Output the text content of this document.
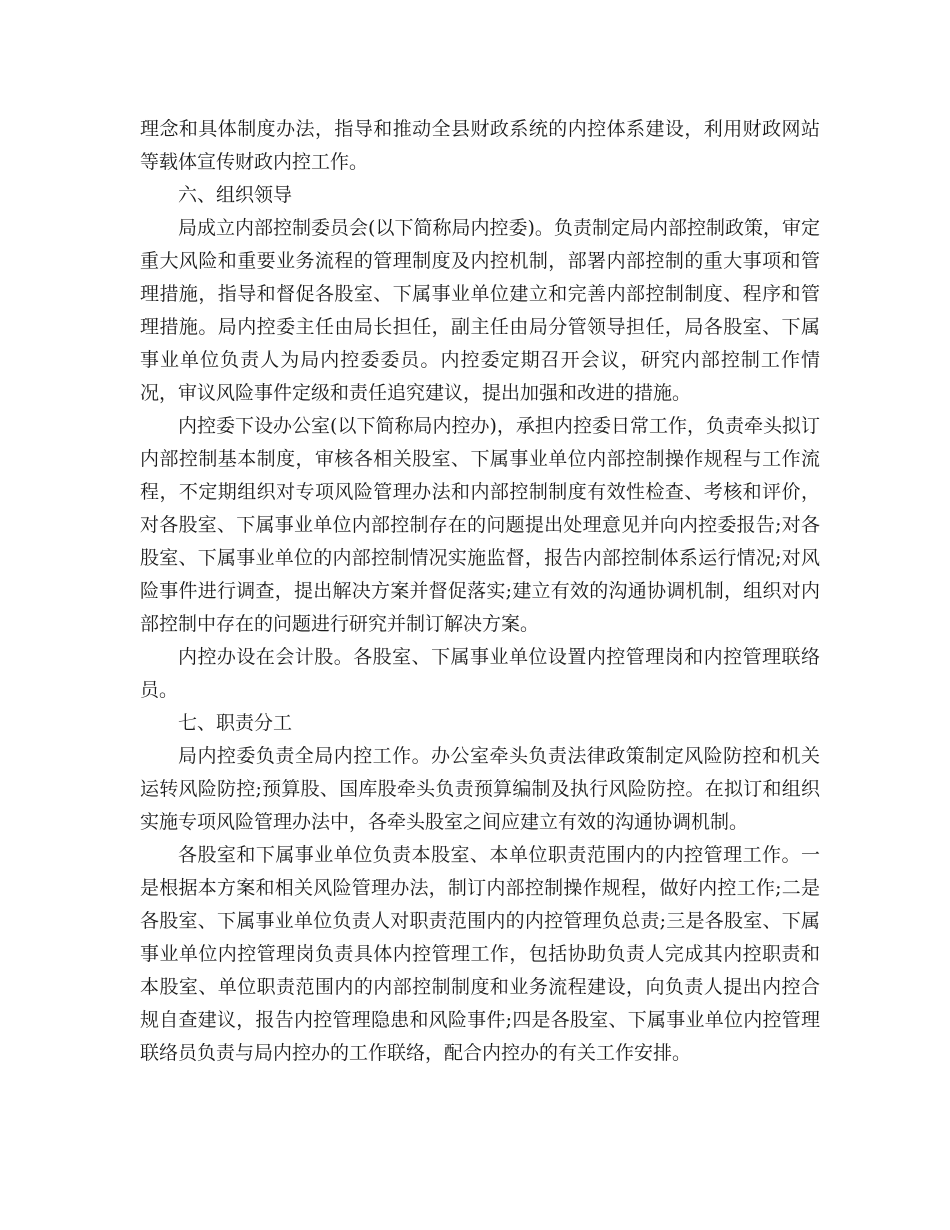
理念和具体制度办法，指导和推动全县财政系统的内控体系建设，利用财政网站等载体宣传财政内控工作。

六、组织领导

局成立内部控制委员会(以下简称局内控委)。负责制定局内部控制政策，审定重大风险和重要业务流程的管理制度及内控机制，部署内部控制的重大事项和管理措施，指导和督促各股室、下属事业单位建立和完善内部控制制度、程序和管理措施。局内控委主任由局长担任，副主任由局分管领导担任，局各股室、下属事业单位负责人为局内控委委员。内控委定期召开会议，研究内部控制工作情况，审议风险事件定级和责任追究建议，提出加强和改进的措施。

内控委下设办公室(以下简称局内控办)，承担内控委日常工作，负责牵头拟订内部控制基本制度，审核各相关股室、下属事业单位内部控制操作规程与工作流程，不定期组织对专项风险管理办法和内部控制制度有效性检查、考核和评价，对各股室、下属事业单位内部控制存在的问题提出处理意见并向内控委报告;对各股室、下属事业单位的内部控制情况实施监督，报告内部控制体系运行情况;对风险事件进行调查，提出解决方案并督促落实;建立有效的沟通协调机制，组织对内部控制中存在的问题进行研究并制订解决方案。

内控办设在会计股。各股室、下属事业单位设置内控管理岗和内控管理联络员。

七、职责分工

局内控委负责全局内控工作。办公室牵头负责法律政策制定风险防控和机关运转风险防控;预算股、国库股牵头负责预算编制及执行风险防控。在拟订和组织实施专项风险管理办法中，各牵头股室之间应建立有效的沟通协调机制。

各股室和下属事业单位负责本股室、本单位职责范围内的内控管理工作。一是根据本方案和相关风险管理办法，制订内部控制操作规程，做好内控工作;二是各股室、下属事业单位负责人对职责范围内的内控管理负总责;三是各股室、下属事业单位内控管理岗负责具体内控管理工作，包括协助负责人完成其内控职责和本股室、单位职责范围内的内部控制制度和业务流程建设，向负责人提出内控合规自查建议，报告内控管理隐患和风险事件;四是各股室、下属事业单位内控管理联络员负责与局内控办的工作联络，配合内控办的有关工作安排。
